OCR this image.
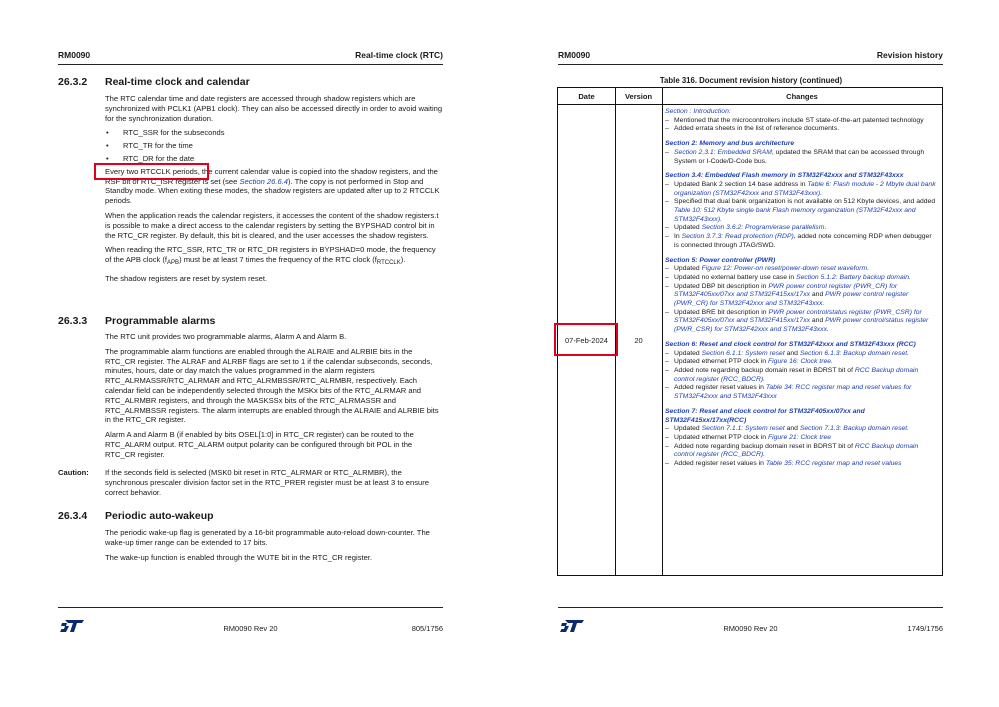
RM0090	Real-time clock (RTC)
26.3.2 Real-time clock and calendar

The RTC calendar time and date registers are accessed through shadow registers which are synchronized with PCLK1 (APB1 clock). They can also be accessed directly in order to avoid waiting for the synchronization duration.

• RTC_SSR for the subseconds
• RTC_TR for the time
• RTC_DR for the date

Every two RTCCLK periods, the current calendar value is copied into the shadow registers, and the RSF bit of RTC_ISR register is set (see Section 26.6.4). The copy is not performed in Stop and Standby mode. When exiting these modes, the shadow registers are updated after up to 2 RTCCLK periods.

When the application reads the calendar registers, it accesses the content of the shadow registers.t is possible to make a direct access to the calendar registers by setting the BYPSHAD control bit in the RTC_CR register. By default, this bit is cleared, and the user accesses the shadow registers.

When reading the RTC_SSR, RTC_TR or RTC_DR registers in BYPSHAD=0 mode, the frequency of the APB clock $(f_{APB})$ must be at least 7 times the frequency of the RTC clock $(f_{RTCCLK})$.

The shadow registers are reset by system reset.

26.3.3 Programmable alarms

The RTC unit provides two programmable alarms, Alarm A and Alarm B.

The programmable alarm functions are enabled through the ALRAIE and ALRBIE bits in the RTC_CR register. The ALRAF and ALRBF flags are set to 1 if the calendar subseconds, seconds, minutes, hours, date or day match the values programmed in the alarm registers RTC_ALRMASSR/RTC_ALRMAR and RTC_ALRMBSSR/RTC_ALRMBR, respectively. Each calendar field can be independently selected through the MSKx bits of the RTC_ALRMAR and RTC_ALRMBR registers, and through the MASKSSx bits of the RTC_ALRMASSR and RTC_ALRMBSSR registers. The alarm interrupts are enabled through the ALRAIE and ALRBIE bits in the RTC_CR register.

Alarm A and Alarm B (if enabled by bits OSEL[1:0] in RTC_CR register) can be routed to the RTC_ALARM output. RTC_ALARM output polarity can be configured through bit POL in the RTC_CR register.

Caution: If the seconds field is selected (MSK0 bit reset in RTC_ALRMAR or RTC_ALRMBR), the synchronous prescaler division factor set in the RTC_PRER register must be at least 3 to ensure correct behavior.
26.3.4 Periodic auto-wakeup

The periodic wake-up flag is generated by a 16-bit programmable auto-reload down-counter. The wake-up timer range can be extended to 17 bits.

The wake-up function is enabled through the WUTE bit in the RTC_CR register.

RM0090 Rev 20	805/1756
RM0090	Revision history
RM0090 Rev 20	1749/1756
Table 316. Document revision history (continued)
Date	Version	Changes
07-Feb-2024	20
Section : Introduction:
– Mentioned that the microcontrollers include ST state-of-the-art patented technology
– Added errata sheets in the list of reference documents.
Section 2: Memory and bus architecture
– Section 2.3.1: Embedded SRAM, updated the SRAM that can be accessed through System or I-Code/D-Code bus.
Section 3.4: Embedded Flash memory in STM32F42xxx and STM32F43xxx
– Updated Bank 2 section 14 base address in Table 6: Flash module - 2 Mbyte dual bank organization (STM32F42xxx and STM32F43xxx).
– Specified that dual bank organization is not available on 512 Kbyte devices, and added Table 10: 512 Kbyte single bank Flash memory organization (STM32F42xxx and STM32F43xxx).
– Updated Section 3.6.2: Program/erase parallelism.
– In Section 3.7.3: Read protection (RDP), added note concerning RDP when debugger is connected through JTAG/SWD.
Section 5: Power controller (PWR)
– Updated Figure 12: Power-on reset/power-down reset waveform.
– Updated no external battery use case in Section 5.1.2: Battery backup domain.
– Updated DBP bit description in PWR power control register (PWR_CR) for STM32F405xx/07xx and STM32F415xx/17xx and PWR power control register (PWR_CR) for STM32F42xxx and STM32F43xxx.
– Updated BRE bit description in PWR power control/status register (PWR_CSR) for STM32F405xx/07xx and STM32F415xx/17xx and PWR power control/status register (PWR_CSR) for STM32F42xxx and STM32F43xxx.
Section 6: Reset and clock control for STM32F42xxx and STM32F43xxx (RCC)
– Updated Section 6.1.1: System reset and Section 6.1.3: Backup domain reset.
– Updated ethernet PTP clock in Figure 16: Clock tree.
– Added note regarding backup domain reset in BDRST bit of RCC Backup domain control register (RCC_BDCR).
– Added register reset values in Table 34: RCC register map and reset values for STM32F42xxx and STM32F43xxx
Section 7: Reset and clock control for STM32F405xx/07xx and STM32F415xx/17xx(RCC)
– Updated Section 7.1.1: System reset and Section 7.1.3: Backup domain reset.
– Updated ethernet PTP clock in Figure 21: Clock tree
– Added note regarding backup domain reset in BDRST bit of RCC Backup domain control register (RCC_BDCR).
– Added register reset values in Table 35: RCC register map and reset values
